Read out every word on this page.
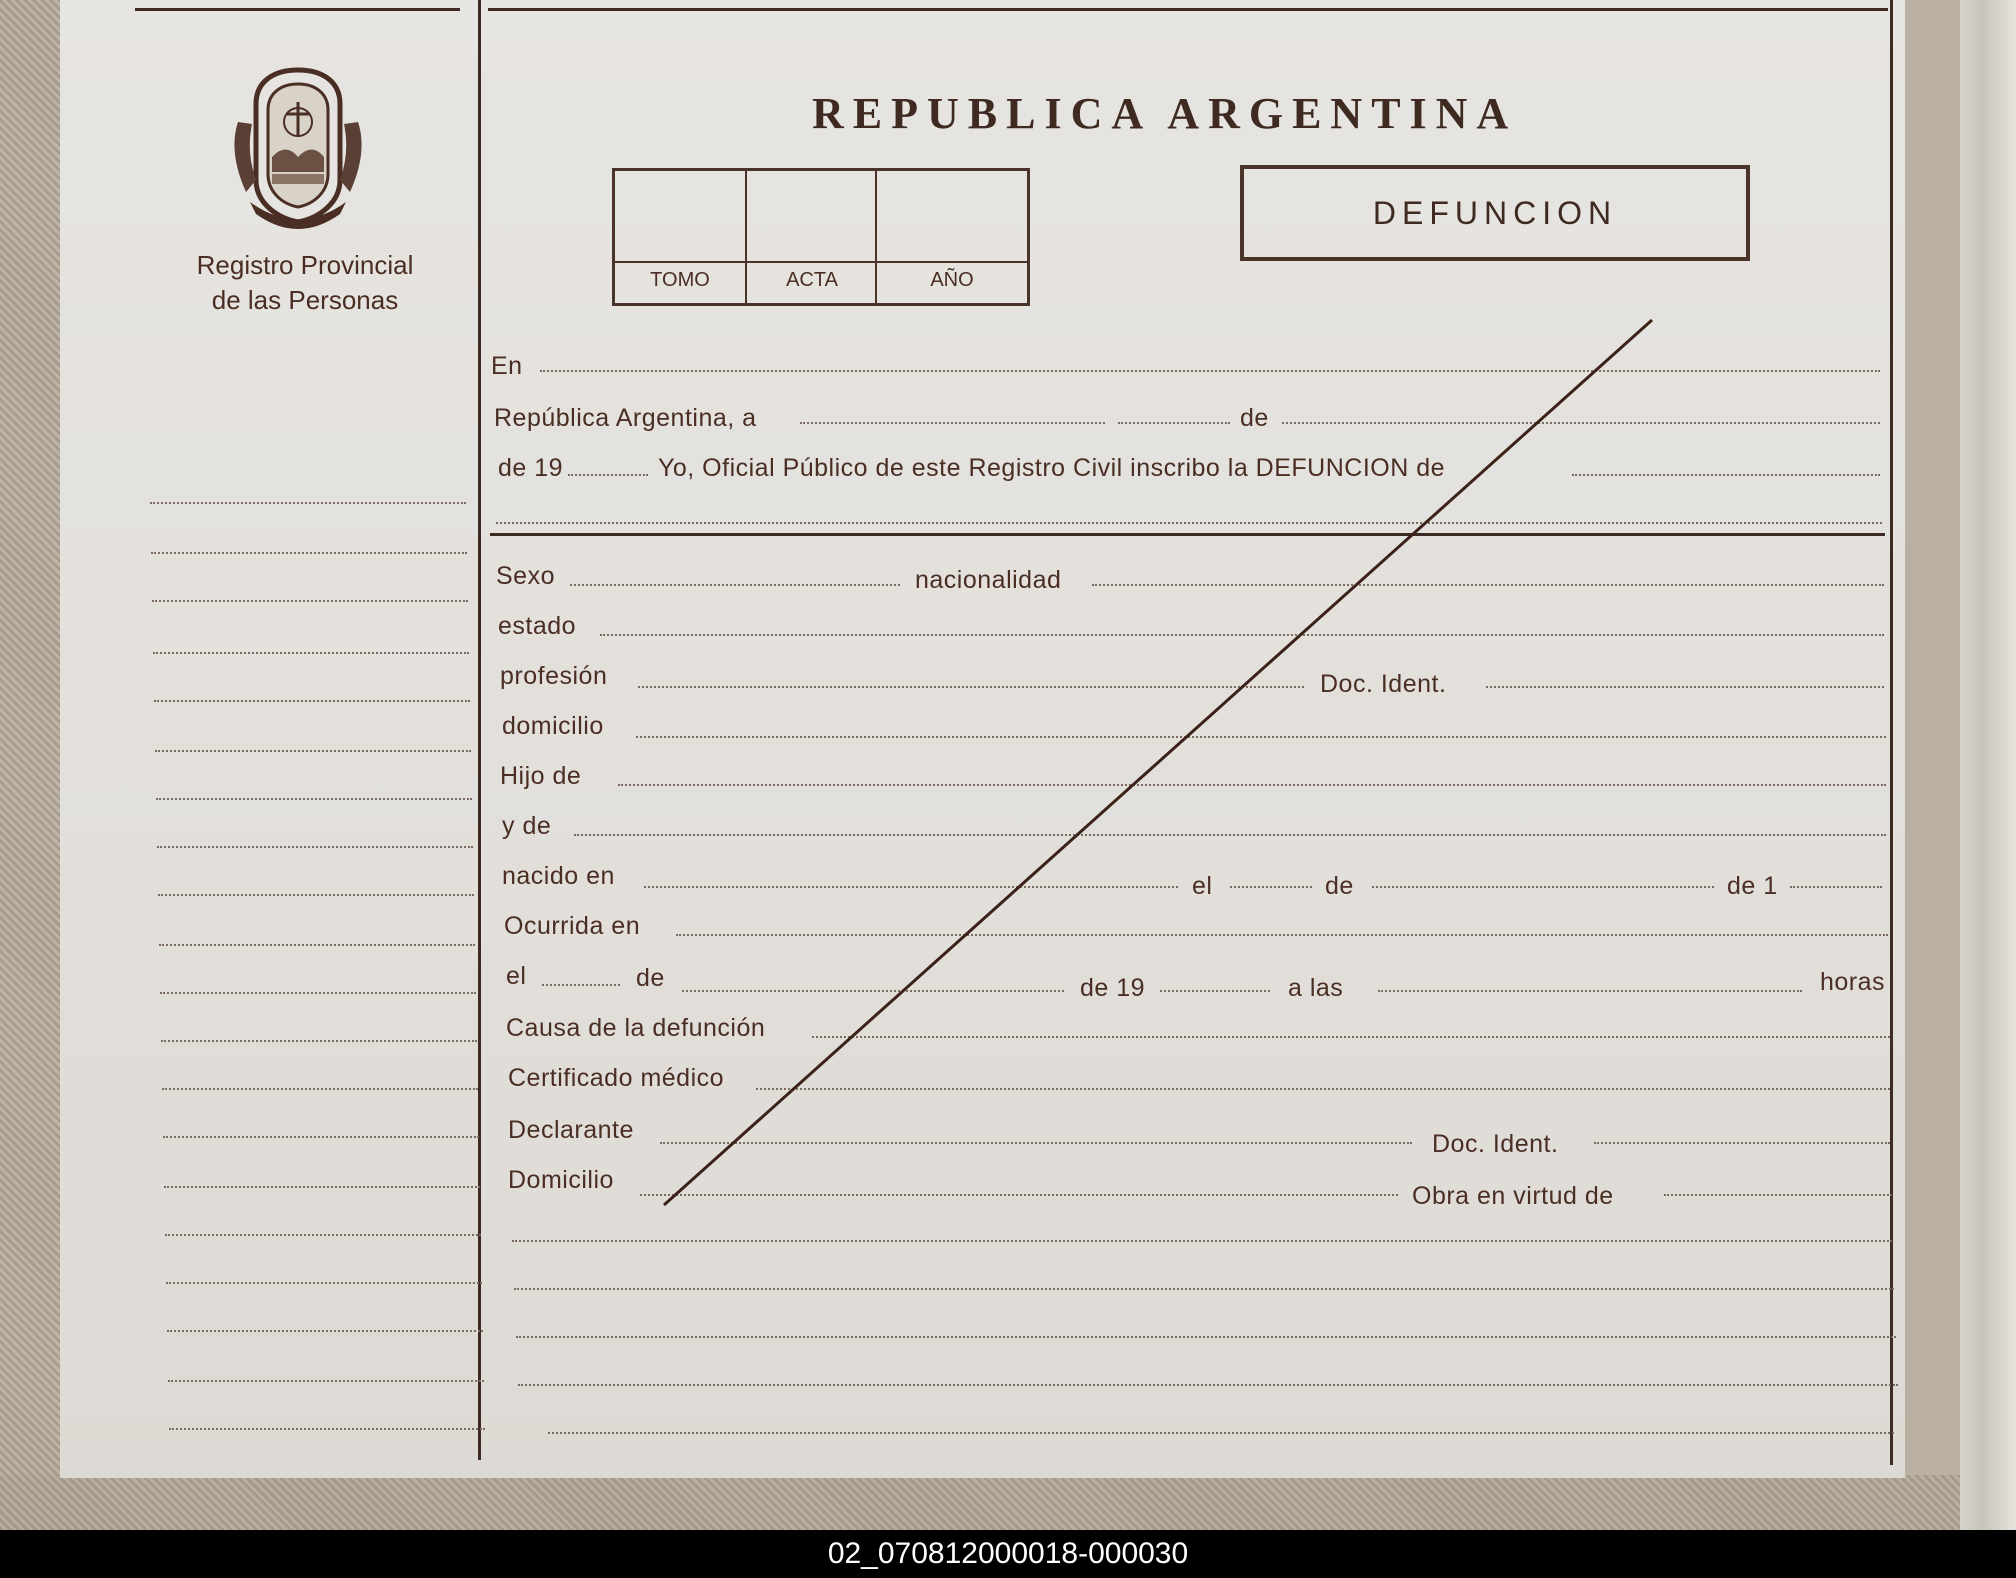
Registro Provincial
de las Personas
REPUBLICA ARGENTINA
TOMO	ACTA	AÑO
DEFUNCION
En
República Argentina, a	de
de 19	Yo, Oficial Público de este Registro Civil inscribo la DEFUNCION de
Sexo	nacionalidad
estado
profesión	Doc. Ident.
domicilio
Hijo de
y de
nacido en	el	de	de 1
Ocurrida en
el	de	de 19	a las	horas
Causa de la defunción
Certificado médico
Declarante	Doc. Ident.
Domicilio
Obra en virtud de
02_070812000018-000030
